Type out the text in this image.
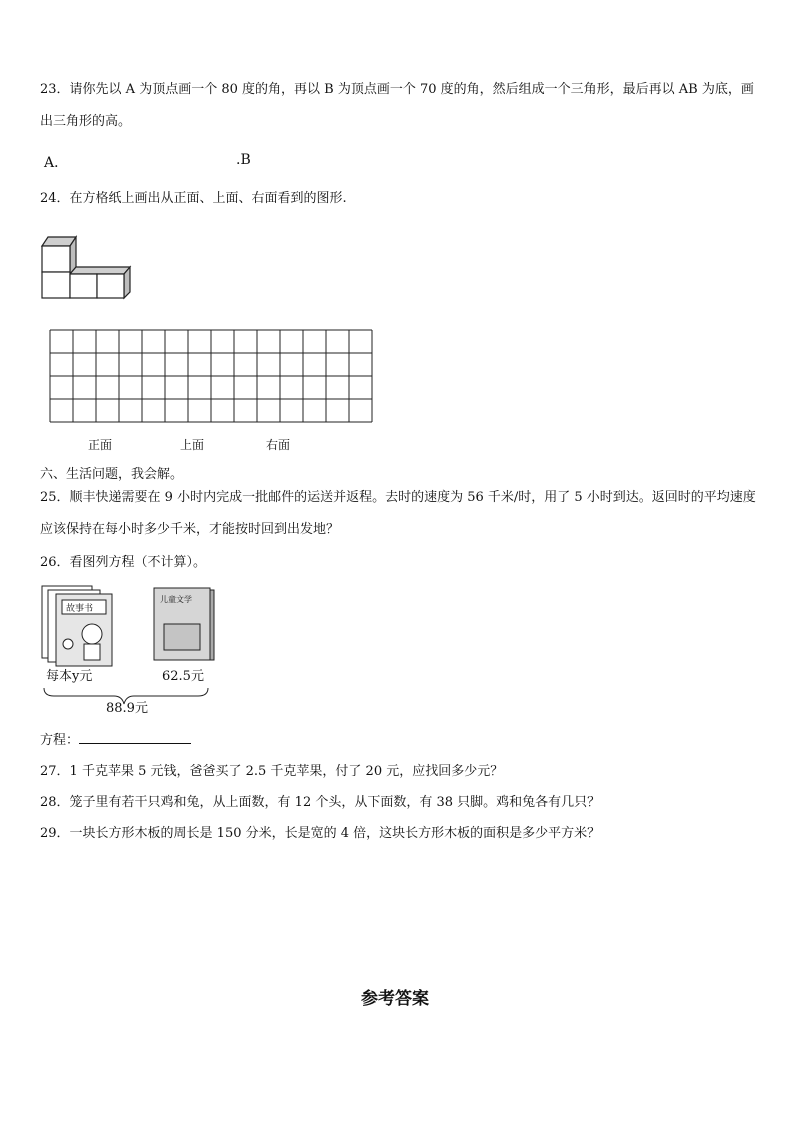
23．请你先以 A 为顶点画一个 80 度的角，再以 B 为顶点画一个 70 度的角，然后组成一个三角形，最后再以 AB 为底，画出三角形的高。
A．	.B
24．在方格纸上画出从正面、上面、右面看到的图形.
正面	上面	右面
六、生活问题，我会解。
25．顺丰快递需要在 9 小时内完成一批邮件的运送并返程。去时的速度为 56 千米/时，用了 5 小时到达。返回时的平均速度应该保持在每小时多少千米，才能按时回到出发地？
26．看图列方程（不计算）。
故事书
儿童文学
每本y元	62.5元
88.9元
方程：
27．1 千克苹果 5 元钱，爸爸买了 2.5 千克苹果，付了 20 元，应找回多少元？
28．笼子里有若干只鸡和兔，从上面数，有 12 个头，从下面数，有 38 只脚。鸡和兔各有几只？
29．一块长方形木板的周长是 150 分米，长是宽的 4 倍，这块长方形木板的面积是多少平方米？
参考答案
